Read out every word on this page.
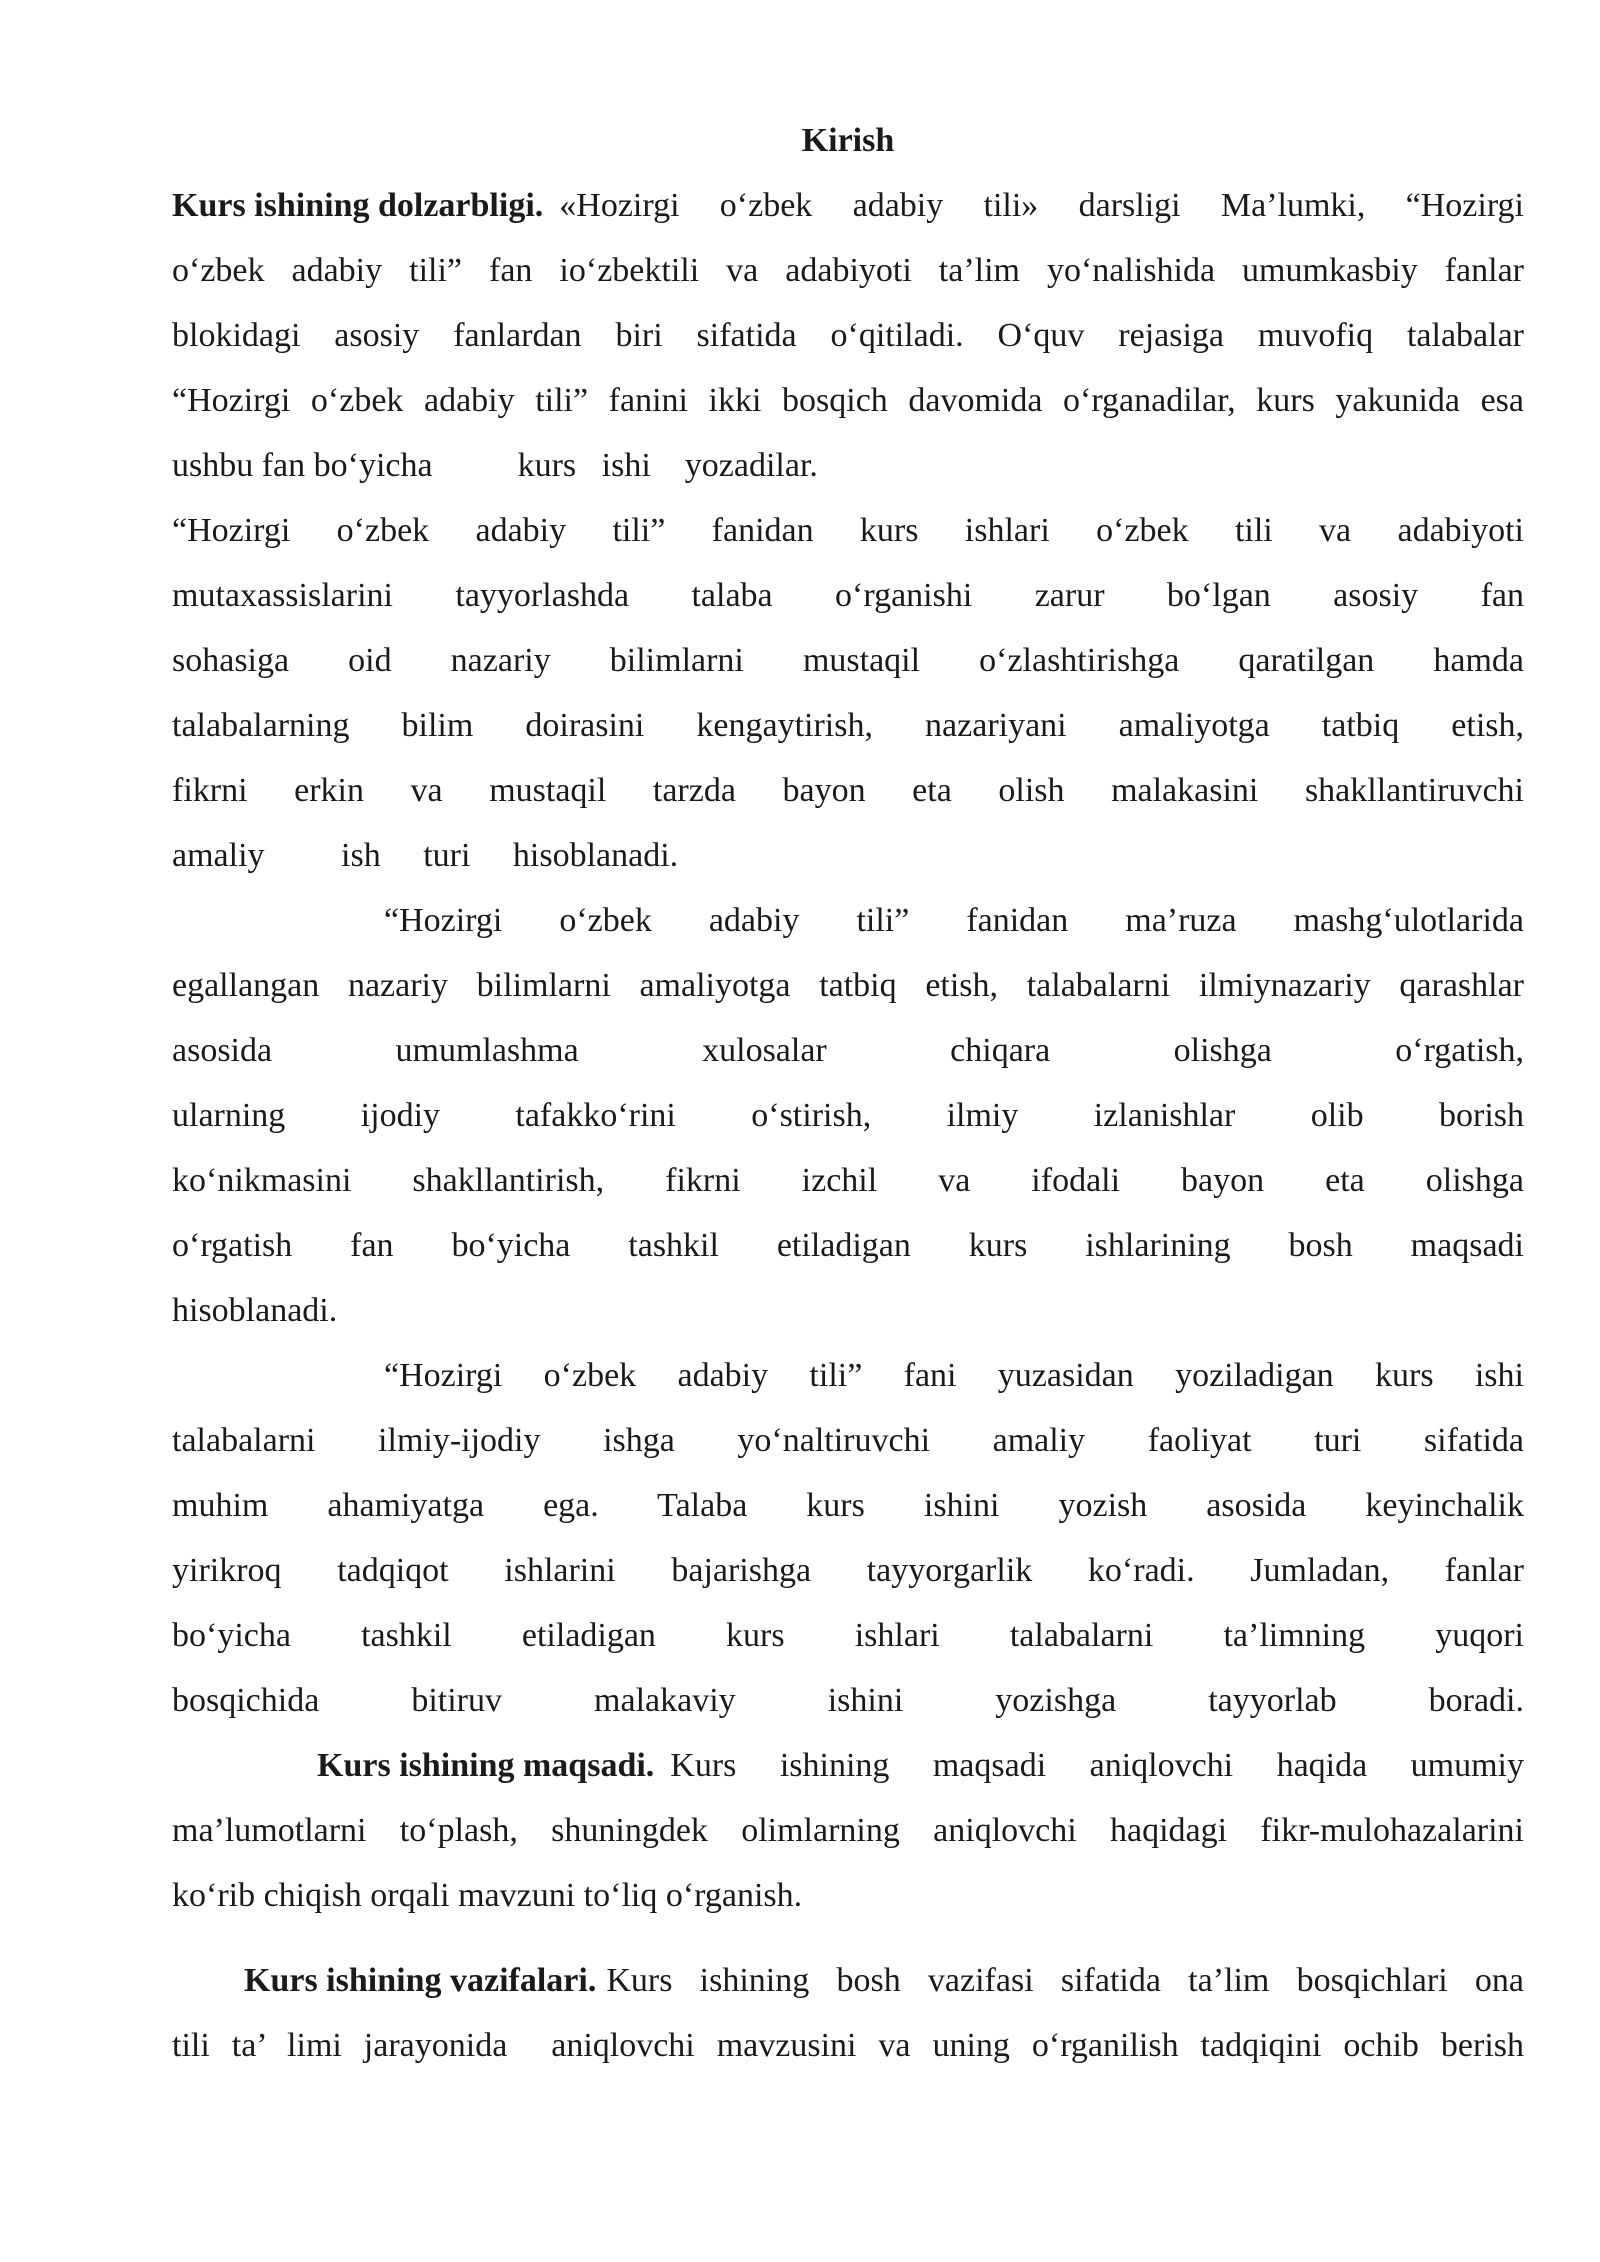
Kirish
Kurs ishining dolzarbligi. «Hozirgi o‘zbek adabiy tili» darsligi Ma’lumki, “Hozirgi
o‘zbek adabiy tili” fan io‘zbektili va adabiyoti ta’lim yo‘nalishida umumkasbiy fanlar
blokidagi asosiy fanlardan biri sifatida o‘qitiladi. O‘quv rejasiga muvofiq talabalar
“Hozirgi o‘zbek adabiy tili” fanini ikki bosqich davomida o‘rganadilar, kurs yakunida esa
ushbu fan bo‘yicha          kurs   ishi    yozadilar.
“Hozirgi o‘zbek adabiy tili” fanidan kurs ishlari o‘zbek tili va adabiyoti
mutaxassislarini tayyorlashda talaba o‘rganishi zarur bo‘lgan asosiy fan
sohasiga oid nazariy bilimlarni mustaqil o‘zlashtirishga qaratilgan hamda
talabalarning bilim doirasini kengaytirish, nazariyani amaliyotga tatbiq etish,
fikrni erkin va mustaqil tarzda bayon eta olish malakasini shakllantiruvchi
amaliy         ish     turi     hisoblanadi.
“Hozirgi o‘zbek adabiy tili” fanidan ma’ruza mashg‘ulotlarida
egallangan nazariy bilimlarni amaliyotga tatbiq etish, talabalarni ilmiynazariy qarashlar
asosida umumlashma xulosalar chiqara olishga o‘rgatish,
ularning ijodiy tafakko‘rini o‘stirish, ilmiy izlanishlar olib borish
ko‘nikmasini shakllantirish, fikrni izchil va ifodali bayon eta olishga
o‘rgatish fan bo‘yicha tashkil etiladigan kurs ishlarining bosh maqsadi
hisoblanadi.
“Hozirgi o‘zbek adabiy tili” fani yuzasidan yoziladigan kurs ishi
talabalarni ilmiy-ijodiy ishga yo‘naltiruvchi amaliy faoliyat turi sifatida
muhim ahamiyatga ega. Talaba kurs ishini yozish asosida keyinchalik
yirikroq tadqiqot ishlarini bajarishga tayyorgarlik ko‘radi. Jumladan, fanlar
bo‘yicha tashkil etiladigan kurs ishlari talabalarni ta’limning yuqori
bosqichida bitiruv malakaviy ishini yozishga tayyorlab boradi.
Kurs ishining maqsadi. Kurs ishining maqsadi aniqlovchi haqida umumiy
ma’lumotlarni to‘plash, shuningdek olimlarning aniqlovchi haqidagi fikr-mulohazalarini
ko‘rib chiqish orqali mavzuni to‘liq o‘rganish.
Kurs ishining vazifalari. Kurs ishining bosh vazifasi sifatida ta’lim bosqichlari ona
tili ta’ limi jarayonida  aniqlovchi mavzusini va uning o‘rganilish tadqiqini ochib berish
